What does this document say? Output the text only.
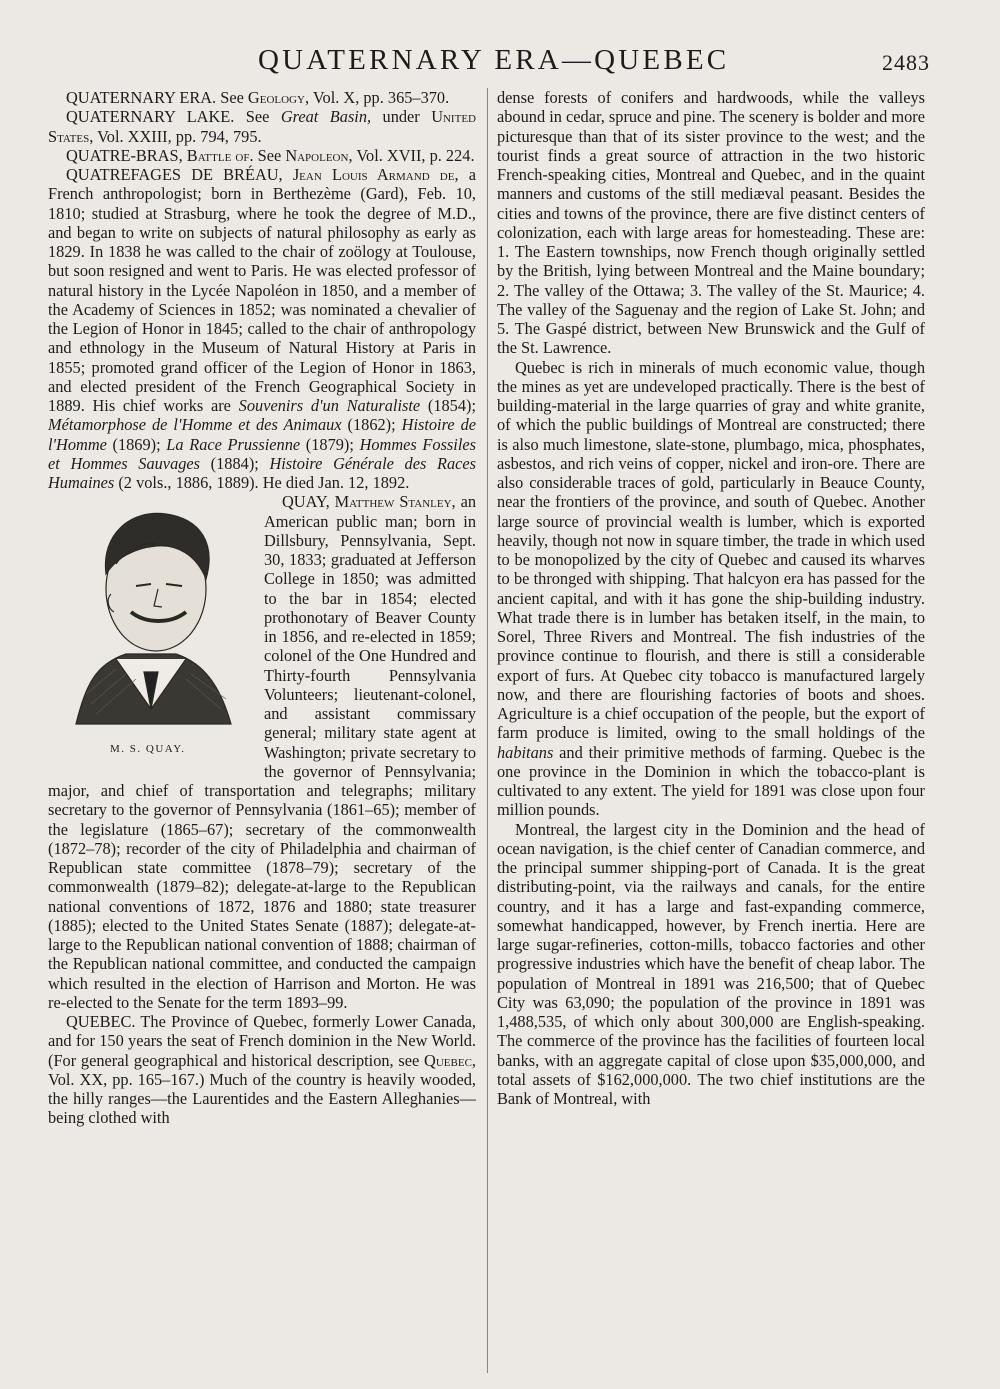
QUATERNARY ERA—QUEBEC	2483

QUATERNARY ERA. See Geology, Vol. X, pp. 365–370.

QUATERNARY LAKE. See Great Basin, under United States, Vol. XXIII, pp. 794, 795.

QUATRE-BRAS, Battle of. See Napoleon, Vol. XVII, p. 224.

QUATREFAGES DE BRÉAU, Jean Louis Armand de, a French anthropologist; born in Berthezème (Gard), Feb. 10, 1810; studied at Strasburg, where he took the degree of M.D., and began to write on subjects of natural philosophy as early as 1829. In 1838 he was called to the chair of zoölogy at Toulouse, but soon resigned and went to Paris. He was elected professor of natural history in the Lycée Napoléon in 1850, and a member of the Academy of Sciences in 1852; was nominated a chevalier of the Legion of Honor in 1845; called to the chair of anthropology and ethnology in the Museum of Natural History at Paris in 1855; promoted grand officer of the Legion of Honor in 1863, and elected president of the French Geographical Society in 1889. His chief works are Souvenirs d'un Naturaliste (1854); Métamorphose de l'Homme et des Animaux (1862); Histoire de l'Homme (1869); La Race Prussienne (1879); Hommes Fossiles et Hommes Sauvages (1884); Histoire Générale des Races Humaines (2 vols., 1886, 1889). He died Jan. 12, 1892.

QUAY, Matthew Stanley,
M. S. QUAY.
an American public man; born in Dillsbury, Pennsylvania, Sept. 30, 1833; graduated at Jefferson College in 1850; was admitted to the bar in 1854; elected prothonotary of Beaver County in 1856, and re-elected in 1859; colonel of the One Hundred and Thirty-fourth Pennsylvania Volunteers; lieutenant-colonel, and assistant commissary general; military state agent at Washington; private secretary to the governor of Pennsylvania; major, and chief of transportation and telegraphs; military secretary to the governor of Pennsylvania (1861–65); member of the legislature (1865–67); secretary of the commonwealth (1872–78); recorder of the city of Philadelphia and chairman of Republican state committee (1878–79); secretary of the commonwealth (1879–82); delegate-at-large to the Republican national conventions of 1872, 1876 and 1880; state treasurer (1885); elected to the United States Senate (1887); delegate-at-large to the Republican national convention of 1888; chairman of the Republican national committee, and conducted the campaign which resulted in the election of Harrison and Morton. He was re-elected to the Senate for the term 1893–99.

QUEBEC. The Province of Quebec, formerly Lower Canada, and for 150 years the seat of French dominion in the New World. (For general geographical and historical description, see Quebec, Vol. XX, pp. 165–167.) Much of the country is heavily wooded, the hilly ranges—the Laurentides and the Eastern Alleghanies—being clothed with

dense forests of conifers and hardwoods, while the valleys abound in cedar, spruce and pine. The scenery is bolder and more picturesque than that of its sister province to the west; and the tourist finds a great source of attraction in the two historic French-speaking cities, Montreal and Quebec, and in the quaint manners and customs of the still mediæval peasant. Besides the cities and towns of the province, there are five distinct centers of colonization, each with large areas for homesteading. These are: 1. The Eastern townships, now French though originally settled by the British, lying between Montreal and the Maine boundary; 2. The valley of the Ottawa; 3. The valley of the St. Maurice; 4. The valley of the Saguenay and the region of Lake St. John; and 5. The Gaspé district, between New Brunswick and the Gulf of the St. Lawrence.

Quebec is rich in minerals of much economic value, though the mines as yet are undeveloped practically. There is the best of building-material in the large quarries of gray and white granite, of which the public buildings of Montreal are constructed; there is also much limestone, slate-stone, plumbago, mica, phosphates, asbestos, and rich veins of copper, nickel and iron-ore. There are also considerable traces of gold, particularly in Beauce County, near the frontiers of the province, and south of Quebec. Another large source of provincial wealth is lumber, which is exported heavily, though not now in square timber, the trade in which used to be monopolized by the city of Quebec and caused its wharves to be thronged with shipping. That halcyon era has passed for the ancient capital, and with it has gone the ship-building industry. What trade there is in lumber has betaken itself, in the main, to Sorel, Three Rivers and Montreal. The fish industries of the province continue to flourish, and there is still a considerable export of furs. At Quebec city tobacco is manufactured largely now, and there are flourishing factories of boots and shoes. Agriculture is a chief occupation of the people, but the export of farm produce is limited, owing to the small holdings of the habitans and their primitive methods of farming. Quebec is the one province in the Dominion in which the tobacco-plant is cultivated to any extent. The yield for 1891 was close upon four million pounds.

Montreal, the largest city in the Dominion and the head of ocean navigation, is the chief center of Canadian commerce, and the principal summer shipping-port of Canada. It is the great distributing-point, via the railways and canals, for the entire country, and it has a large and fast-expanding commerce, somewhat handicapped, however, by French inertia. Here are large sugar-refineries, cotton-mills, tobacco factories and other progressive industries which have the benefit of cheap labor. The population of Montreal in 1891 was 216,500; that of Quebec City was 63,090; the population of the province in 1891 was 1,488,535, of which only about 300,000 are English-speaking. The commerce of the province has the facilities of fourteen local banks, with an aggregate capital of close upon $35,000,000, and total assets of $162,000,000. The two chief institutions are the Bank of Montreal, with
